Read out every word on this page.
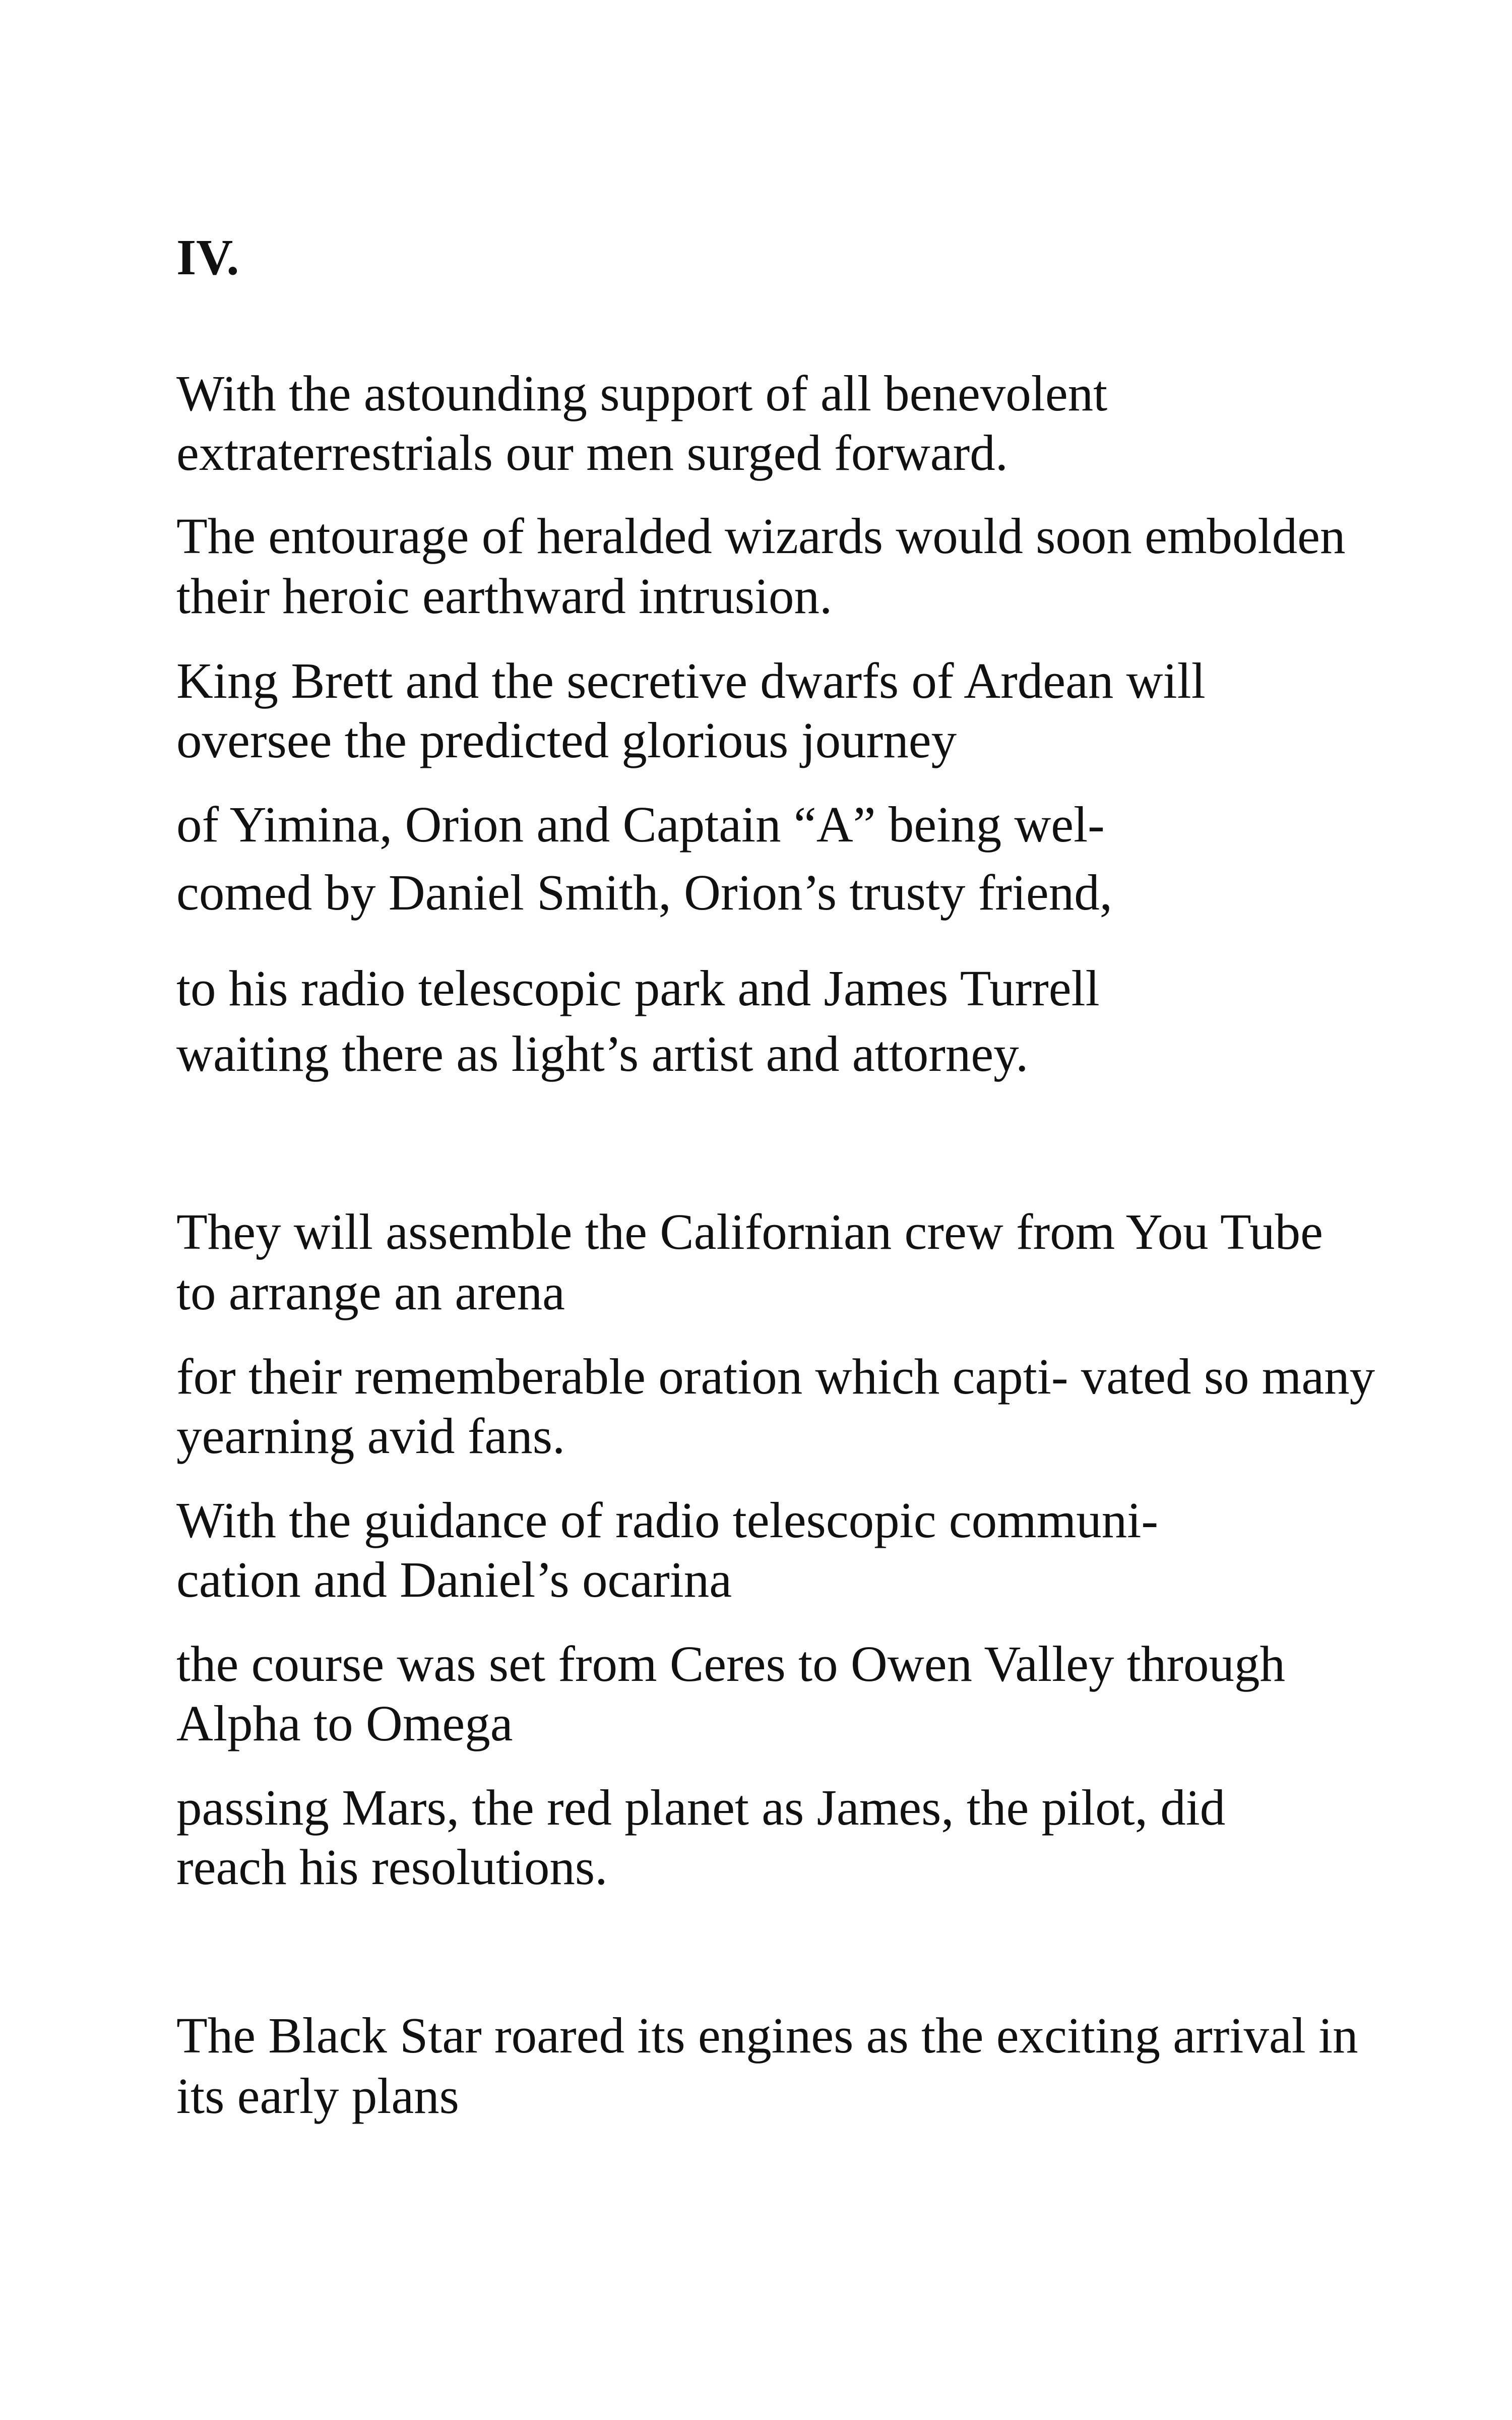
IV.

With the astounding support of all benevolent

extraterrestrials our men surged forward.

The entourage of heralded wizards would soon embolden

their heroic earthward intrusion.

King Brett and the secretive dwarfs of Ardean will

oversee the predicted glorious journey

of Yimina, Orion and Captain “A” being wel-

comed by Daniel Smith, Orion’s trusty friend,

to his radio telescopic park and James Turrell

waiting there as light’s artist and attorney.

They will assemble the Californian crew from You Tube

to arrange an arena

for their rememberable oration which capti- vated so many

yearning avid fans.

With the guidance of radio telescopic communi-

cation and Daniel’s ocarina

the course was set from Ceres to Owen Valley through

Alpha to Omega

passing Mars, the red planet as James, the pilot, did

reach his resolutions.

The Black Star roared its engines as the exciting arrival in

its early plans
